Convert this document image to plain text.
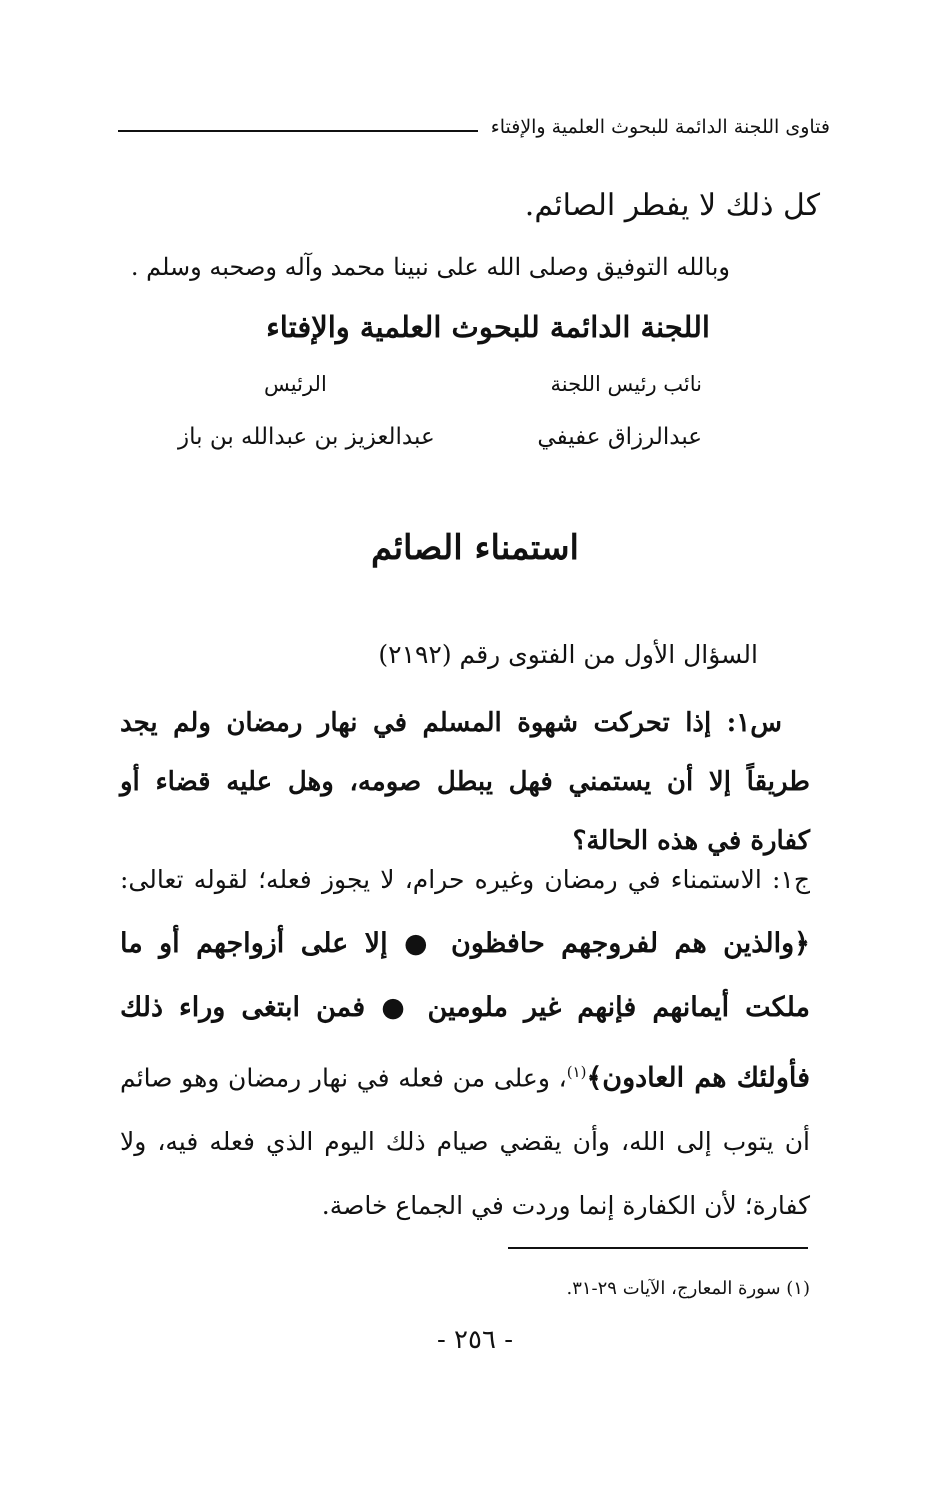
فتاوى اللجنة الدائمة للبحوث العلمية والإفتاء
كل ذلك لا يفطر الصائم.
وبالله التوفيق وصلى الله على نبينا محمد وآله وصحبه وسلم .
اللجنة الدائمة للبحوث العلمية والإفتاء
نائب رئيس اللجنة
الرئيس
عبدالرزاق عفيفي
عبدالعزيز بن عبدالله بن باز
استمناء الصائم
السؤال الأول من الفتوى رقم (٢١٩٢)
س١: إذا تحركت شهوة المسلم في نهار رمضان ولم يجد طريقاً إلا أن يستمني فهل يبطل صومه، وهل عليه قضاء أو كفارة في هذه الحالة؟
ج١: الاستمناء في رمضان وغيره حرام، لا يجوز فعله؛ لقوله تعالى: ﴿والذين هم لفروجهم حافظون ● إلا على أزواجهم أو ما ملكت أيمانهم فإنهم غير ملومين ● فمن ابتغى وراء ذلك فأولئك هم العادون﴾$^{(١)}$، وعلى من فعله في نهار رمضان وهو صائم أن يتوب إلى الله، وأن يقضي صيام ذلك اليوم الذي فعله فيه، ولا كفارة؛ لأن الكفارة إنما وردت في الجماع خاصة.
(١) سورة المعارج، الآيات ٢٩-٣١.
- ٢٥٦ -
